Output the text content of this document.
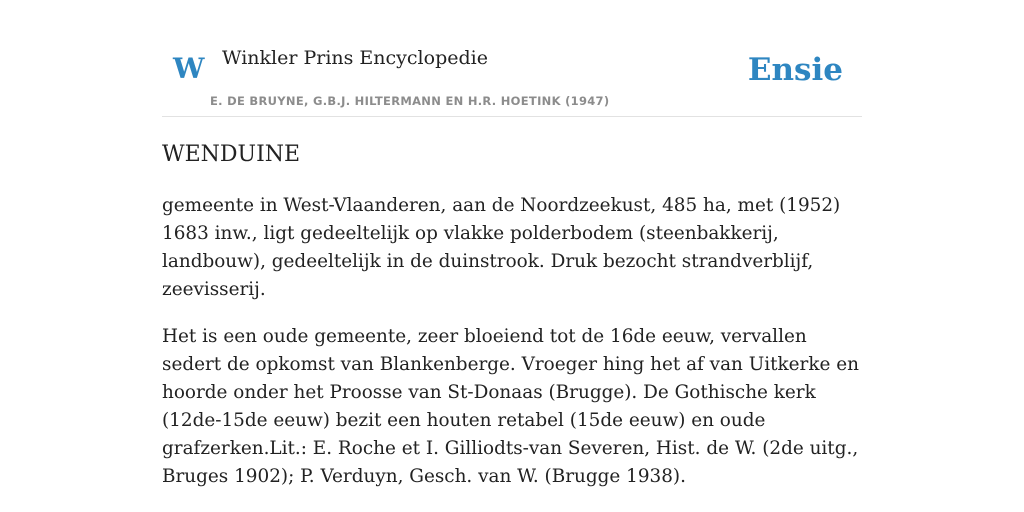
W Winkler Prins Encyclopedie
E. DE BRUYNE, G.B.J. HILTERMANN EN H.R. HOETINK (1947)
Ensie
WENDUINE

gemeente in West-Vlaanderen, aan de Noordzeekust, 485 ha, met (1952) 1683 inw., ligt gedeeltelijk op vlakke polderbodem (steenbakkerij, landbouw), gedeeltelijk in de duinstrook. Druk bezocht strandverblijf, zeevisserij.

Het is een oude gemeente, zeer bloeiend tot de 16de eeuw, vervallen sedert de opkomst van Blankenberge. Vroeger hing het af van Uitkerke en hoorde onder het Proosse van St-Donaas (Brugge). De Gothische kerk (12de-15de eeuw) bezit een houten retabel (15de eeuw) en oude grafzerken.Lit.: E. Roche et I. Gilliodts-van Severen, Hist. de W. (2de uitg., Bruges 1902); P. Verduyn, Gesch. van W. (Brugge 1938).
